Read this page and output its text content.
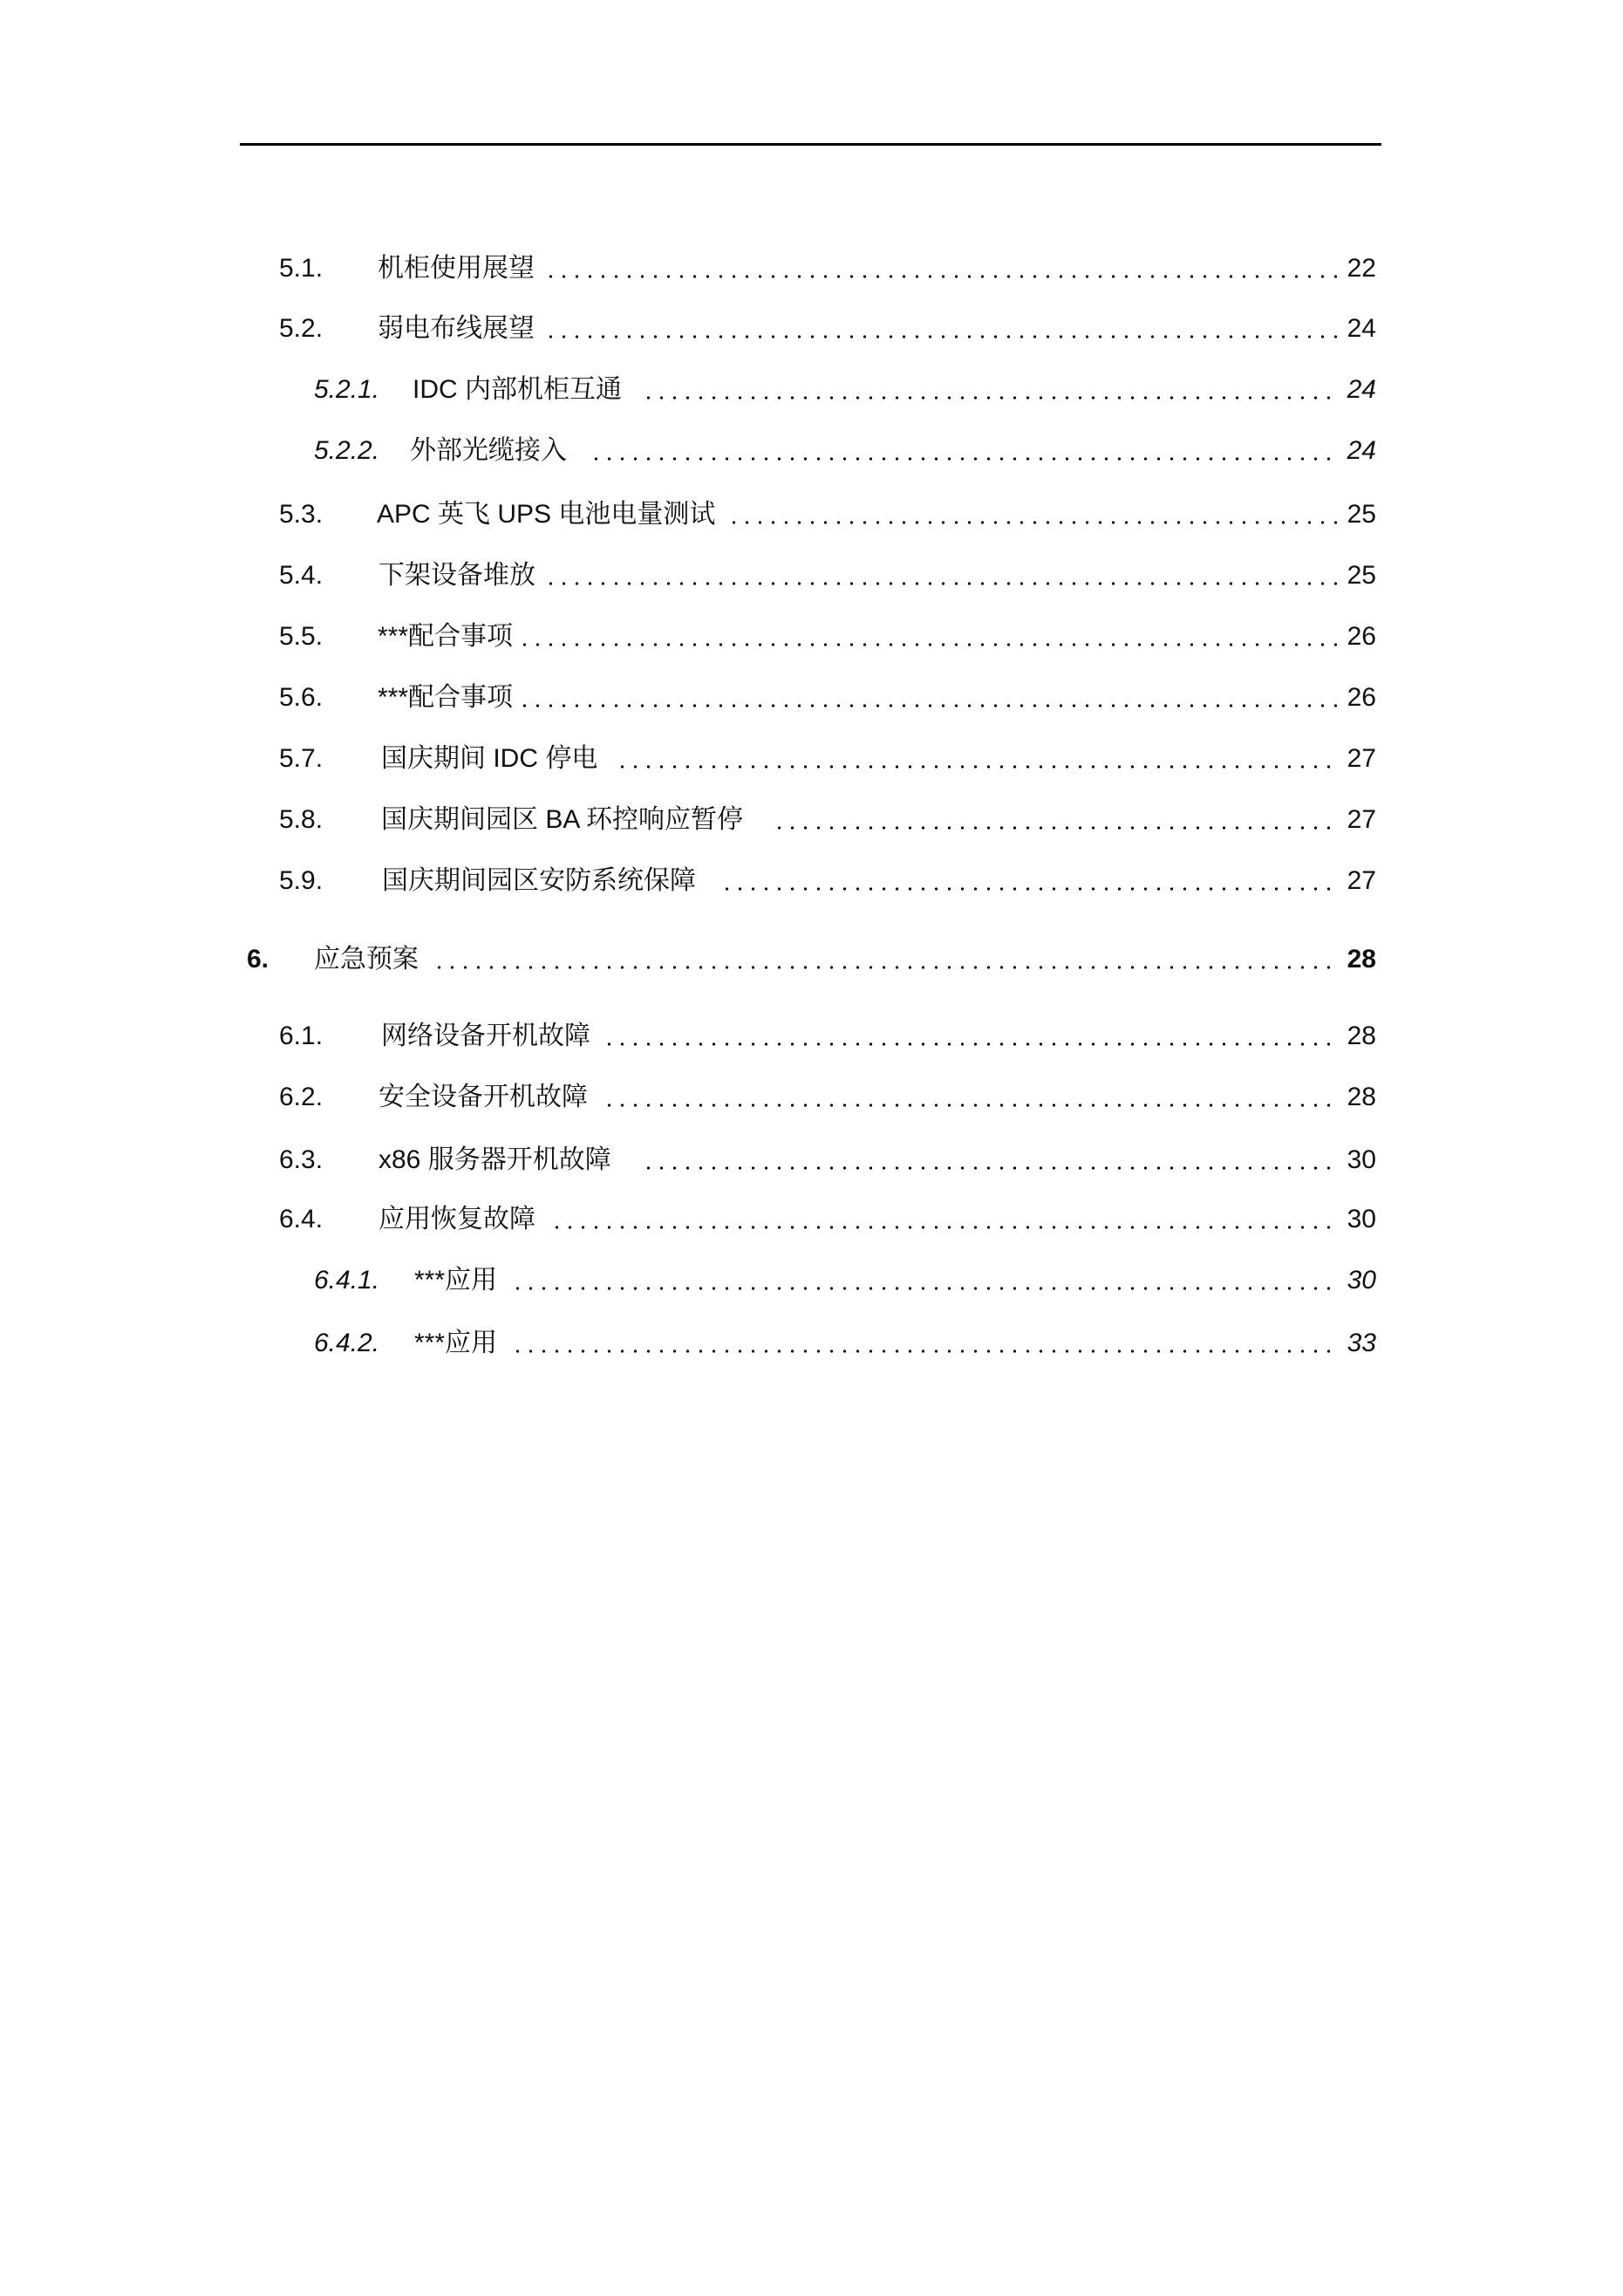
5.1. 机柜使用展望	22
5.2. 弱电布线展望	24
5.2.1. IDC 内部机柜互通	24
5.2.2. 外部光缆接入	24
5.3. APC 英飞 UPS 电池电量测试	25
5.4. 下架设备堆放	25
5.5. ***配合事项	26
5.6. ***配合事项	26
5.7. 国庆期间 IDC 停电	27
5.8. 国庆期间园区 BA 环控响应暂停	27
5.9. 国庆期间园区安防系统保障	27
6. 应急预案	28
6.1. 网络设备开机故障	28
6.2. 安全设备开机故障	28
6.3. x86 服务器开机故障	30
6.4. 应用恢复故障	30
6.4.1. ***应用	30
6.4.2. ***应用	33
